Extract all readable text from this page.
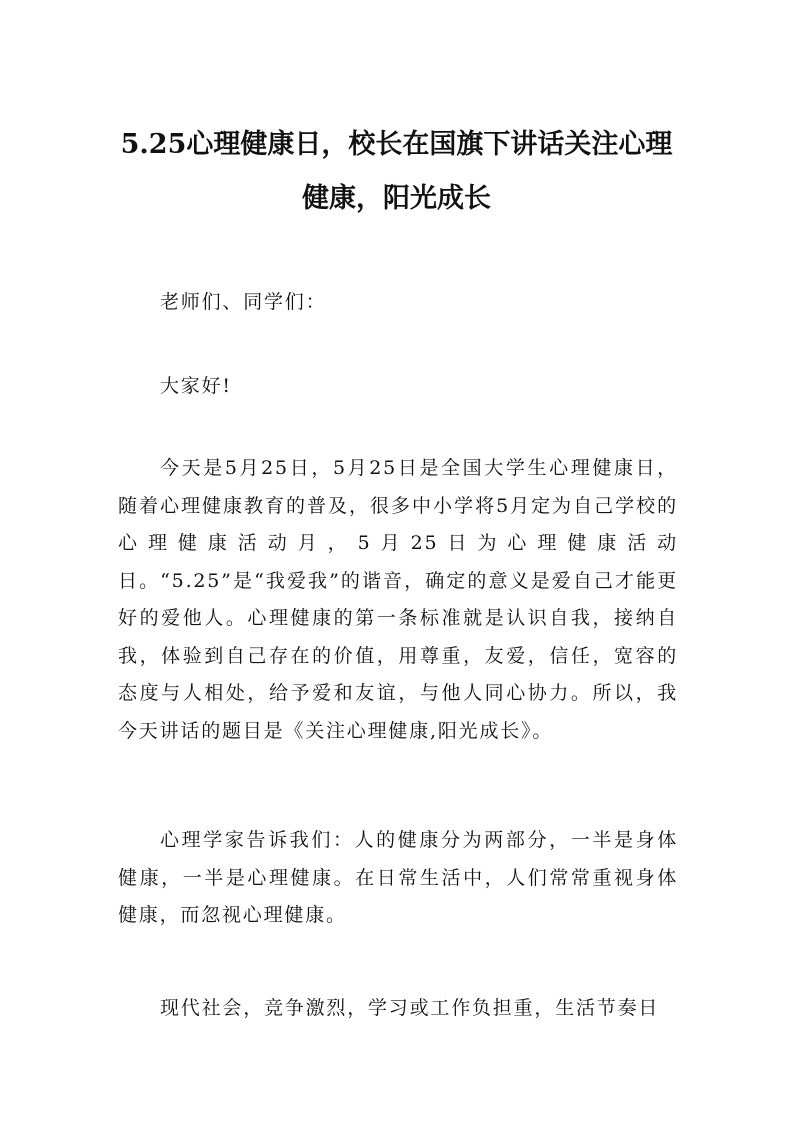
5.25心理健康日，校长在国旗下讲话关注心理健康，阳光成长

老师们、同学们：

大家好!

今天是5月25日，5月25日是全国大学生心理健康日，随着心理健康教育的普及，很多中小学将5月定为自己学校的心理健康活动月，5月25日为心理健康活动日。“5.25”是“我爱我”的谐音，确定的意义是爱自己才能更好的爱他人。心理健康的第一条标准就是认识自我，接纳自我，体验到自己存在的价值，用尊重，友爱，信任，宽容的态度与人相处，给予爱和友谊，与他人同心协力。所以，我今天讲话的题目是《关注心理健康,阳光成长》。

心理学家告诉我们：人的健康分为两部分，一半是身体健康，一半是心理健康。在日常生活中，人们常常重视身体健康，而忽视心理健康。

现代社会，竞争激烈，学习或工作负担重，生活节奏日
